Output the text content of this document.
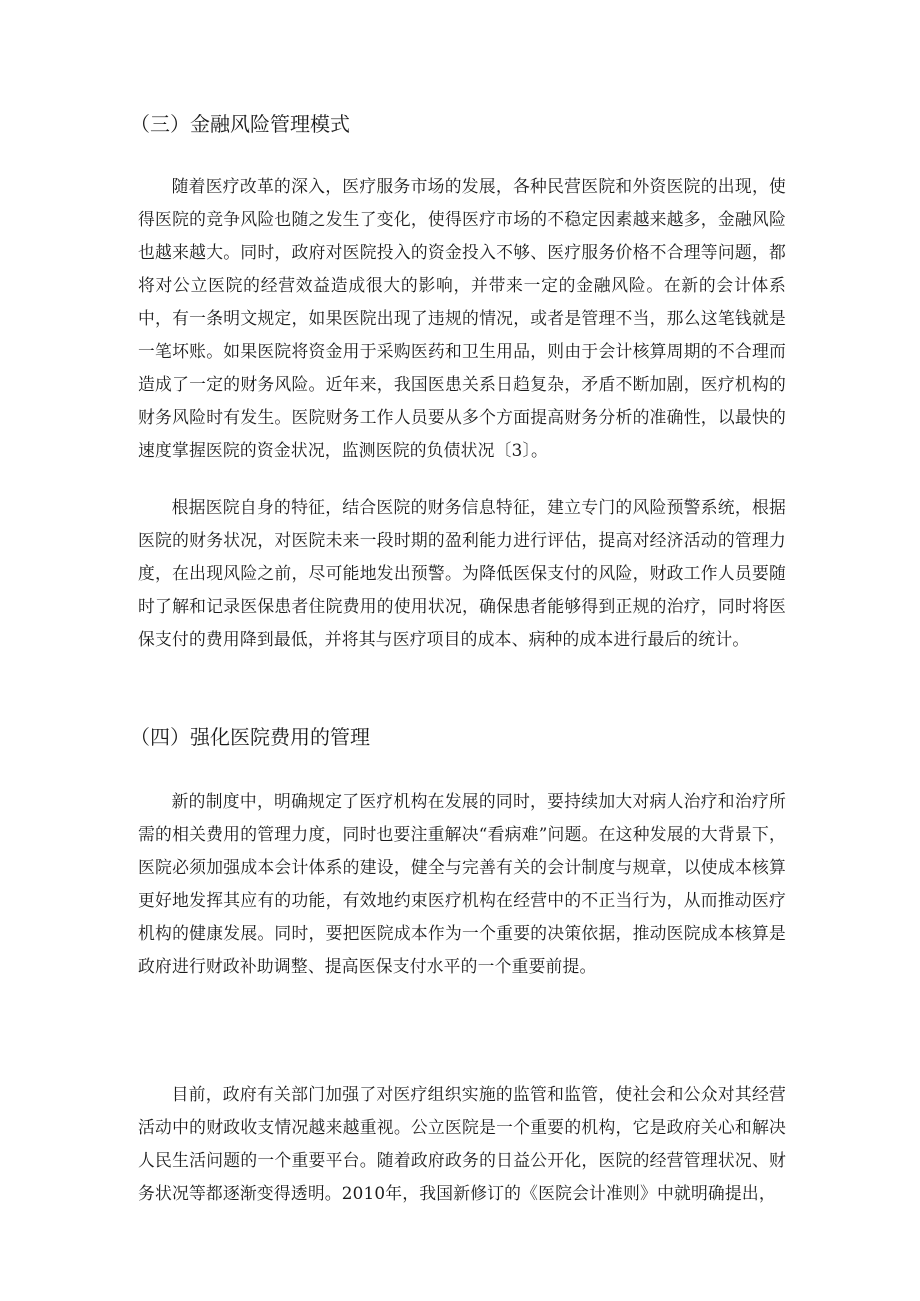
（三）金融风险管理模式

随着医疗改革的深入，医疗服务市场的发展，各种民营医院和外资医院的出现，使得医院的竞争风险也随之发生了变化，使得医疗市场的不稳定因素越来越多，金融风险也越来越大。同时，政府对医院投入的资金投入不够、医疗服务价格不合理等问题，都将对公立医院的经营效益造成很大的影响，并带来一定的金融风险。在新的会计体系中，有一条明文规定，如果医院出现了违规的情况，或者是管理不当，那么这笔钱就是一笔坏账。如果医院将资金用于采购医药和卫生用品，则由于会计核算周期的不合理而造成了一定的财务风险。近年来，我国医患关系日趋复杂，矛盾不断加剧，医疗机构的财务风险时有发生。医院财务工作人员要从多个方面提高财务分析的准确性，以最快的速度掌握医院的资金状况，监测医院的负债状况〔3〕。

根据医院自身的特征，结合医院的财务信息特征，建立专门的风险预警系统，根据医院的财务状况，对医院未来一段时期的盈利能力进行评估，提高对经济活动的管理力度，在出现风险之前，尽可能地发出预警。为降低医保支付的风险，财政工作人员要随时了解和记录医保患者住院费用的使用状况，确保患者能够得到正规的治疗，同时将医保支付的费用降到最低，并将其与医疗项目的成本、病种的成本进行最后的统计。

（四）强化医院费用的管理

新的制度中，明确规定了医疗机构在发展的同时，要持续加大对病人治疗和治疗所需的相关费用的管理力度，同时也要注重解决“看病难”问题。在这种发展的大背景下，医院必须加强成本会计体系的建设，健全与完善有关的会计制度与规章，以使成本核算更好地发挥其应有的功能，有效地约束医疗机构在经营中的不正当行为，从而推动医疗机构的健康发展。同时，要把医院成本作为一个重要的决策依据，推动医院成本核算是政府进行财政补助调整、提高医保支付水平的一个重要前提。

目前，政府有关部门加强了对医疗组织实施的监管和监管，使社会和公众对其经营活动中的财政收支情况越来越重视。公立医院是一个重要的机构，它是政府关心和解决人民生活问题的一个重要平台。随着政府政务的日益公开化，医院的经营管理状况、财务状况等都逐渐变得透明。2010年，我国新修订的《医院会计准则》中就明确提出，
